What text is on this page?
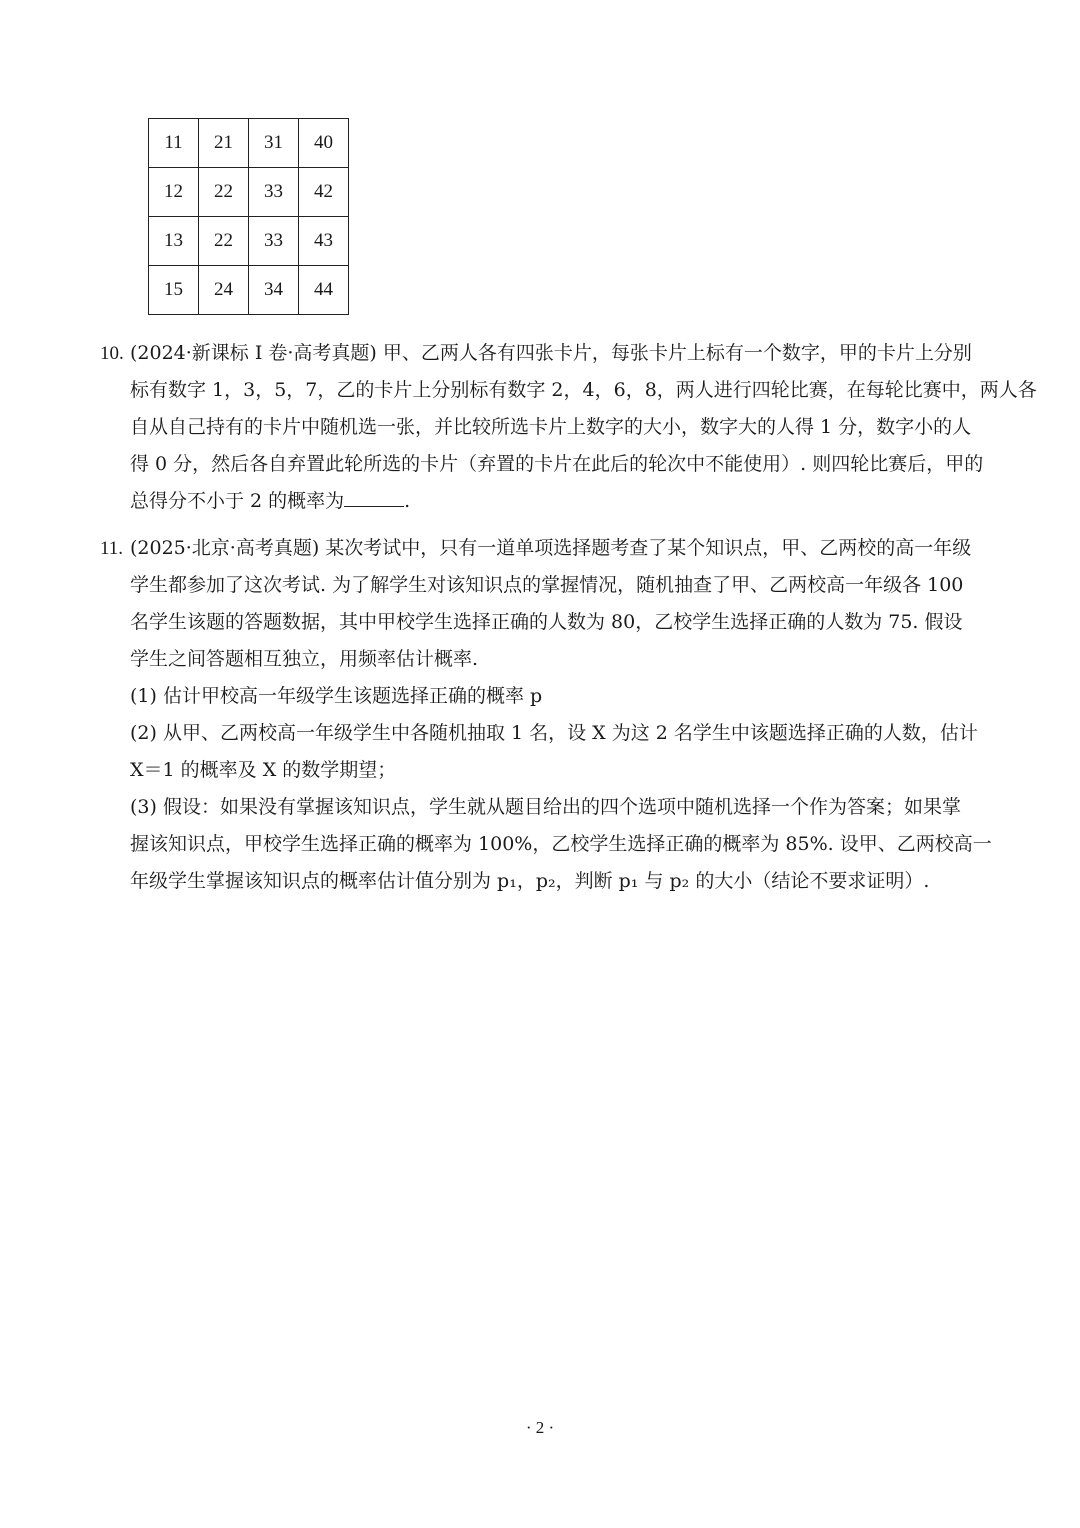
11	21	31	40
12	22	33	42
13	22	33	43
15	24	34	44
10. (2024·新课标 I 卷·高考真题) 甲、乙两人各有四张卡片，每张卡片上标有一个数字，甲的卡片上分别
标有数字 1，3，5，7，乙的卡片上分别标有数字 2，4，6，8，两人进行四轮比赛，在每轮比赛中，两人各
自从自己持有的卡片中随机选一张，并比较所选卡片上数字的大小，数字大的人得 1 分，数字小的人
得 0 分，然后各自弃置此轮所选的卡片（弃置的卡片在此后的轮次中不能使用）. 则四轮比赛后，甲的
总得分不小于 2 的概率为	.
11. (2025·北京·高考真题) 某次考试中，只有一道单项选择题考查了某个知识点，甲、乙两校的高一年级
学生都参加了这次考试. 为了解学生对该知识点的掌握情况，随机抽查了甲、乙两校高一年级各 100
名学生该题的答题数据，其中甲校学生选择正确的人数为 80，乙校学生选择正确的人数为 75. 假设
学生之间答题相互独立，用频率估计概率.
(1) 估计甲校高一年级学生该题选择正确的概率 p
(2) 从甲、乙两校高一年级学生中各随机抽取 1 名，设 X 为这 2 名学生中该题选择正确的人数，估计
X＝1 的概率及 X 的数学期望；
(3) 假设：如果没有掌握该知识点，学生就从题目给出的四个选项中随机选择一个作为答案；如果掌
握该知识点，甲校学生选择正确的概率为 100%，乙校学生选择正确的概率为 85%. 设甲、乙两校高一
年级学生掌握该知识点的概率估计值分别为 p₁，p₂，判断 p₁ 与 p₂ 的大小（结论不要求证明）.
· 2 ·
